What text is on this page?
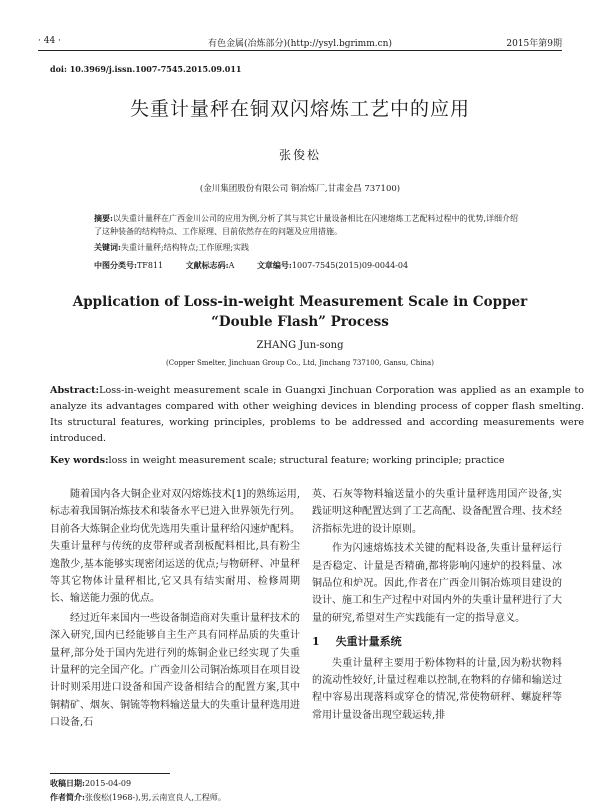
· 44 ·	有色金属(冶炼部分)(http://ysyl.bgrimm.cn)	2015年第9期
doi: 10.3969/j.issn.1007-7545.2015.09.011
失重计量秤在铜双闪熔炼工艺中的应用
张俊松
(金川集团股份有限公司 铜冶炼厂,甘肃金昌 737100)
摘要:以失重计量秤在广西金川公司的应用为例,分析了其与其它计量设备相比在闪速熔炼工艺配料过程中的优势,详细介绍了这种装备的结构特点、工作原理、目前依然存在的问题及应用措施。
关键词:失重计量秤;结构特点;工作原理;实践
中图分类号:TF811	文献标志码:A	文章编号:1007-7545(2015)09-0044-04
Application of Loss-in-weight Measurement Scale in Copper
“Double Flash” Process
ZHANG Jun-song
(Copper Smelter, Jinchuan Group Co., Ltd, Jinchang 737100, Gansu, China)
Abstract:Loss-in-weight measurement scale in Guangxi Jinchuan Corporation was applied as an example to analyze its advantages compared with other weighing devices in blending process of copper flash smelting. Its structural features, working principles, problems to be addressed and according measurements were introduced.
Key words:loss in weight measurement scale; structural feature; working principle; practice

随着国内各大铜企业对双闪熔炼技术[1]的熟练运用,标志着我国铜冶炼技术和装备水平已进入世界领先行列。目前各大炼铜企业均优先选用失重计量秤给闪速炉配料。失重计量秤与传统的皮带秤或者刮板配料相比,具有粉尘逸散少,基本能够实现密闭运送的优点;与物研秤、冲量秤等其它物体计量秤相比,它又具有结实耐用、检修周期长、输送能力强的优点。

经过近年来国内一些设备制造商对失重计量秤技术的深入研究,国内已经能够自主生产具有同样品质的失重计量秤,部分处于国内先进行列的炼铜企业已经实现了失重计量秤的完全国产化。广西金川公司铜冶炼项目在项目设计时则采用进口设备和国产设备相结合的配置方案,其中铜精矿、烟灰、铜锍等物料输送量大的失重计量秤选用进口设备,石

英、石灰等物料输送量小的失重计量秤选用国产设备,实践证明这种配置达到了工艺高配、设备配置合理、技术经济指标先进的设计原则。

作为闪速熔炼技术关键的配料设备,失重计量秤运行是否稳定、计量是否精确,都将影响闪速炉的投料量、冰铜品位和炉况。因此,作者在广西金川铜冶炼项目建设的设计、施工和生产过程中对国内外的失重计量秤进行了大量的研究,希望对生产实践能有一定的指导意义。

1 失重计量系统

失重计量秤主要用于粉体物料的计量,因为粉状物料的流动性较好,计量过程难以控制,在物料的存储和输送过程中容易出现落料或穿仓的情况,常使物研秤、螺旋秤等常用计量设备出现空载运转,排

收稿日期:2015-04-09
作者简介:张俊松(1968-),男,云南宣良人,工程师。
